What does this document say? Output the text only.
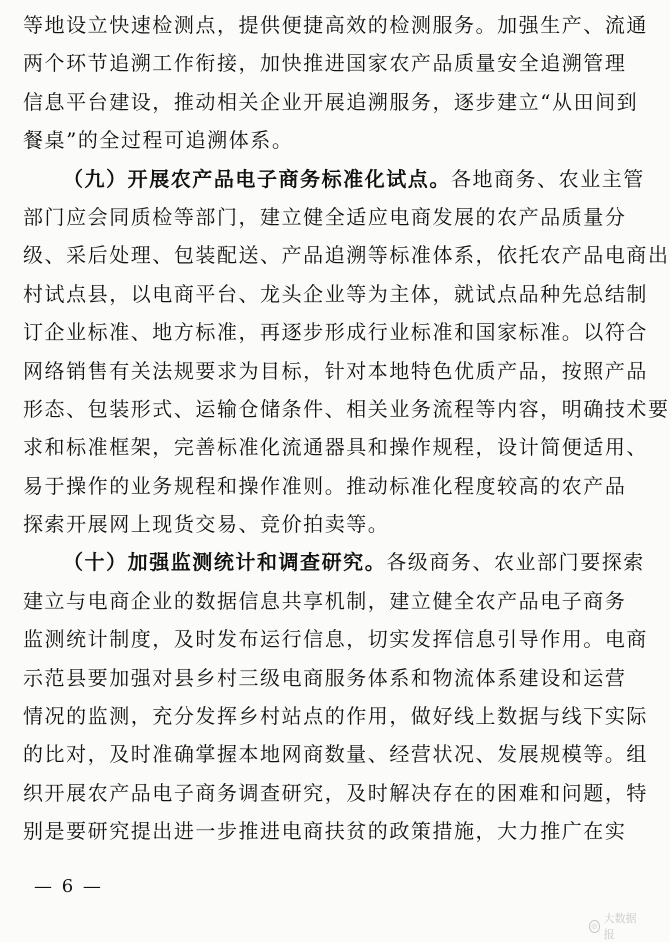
等地设立快速检测点，提供便捷高效的检测服务。加强生产、流通
两个环节追溯工作衔接，加快推进国家农产品质量安全追溯管理
信息平台建设，推动相关企业开展追溯服务，逐步建立“从田间到
餐桌”的全过程可追溯体系。
（九）开展农产品电子商务标准化试点。各地商务、农业主管
部门应会同质检等部门，建立健全适应电商发展的农产品质量分
级、采后处理、包装配送、产品追溯等标准体系，依托农产品电商出
村试点县，以电商平台、龙头企业等为主体，就试点品种先总结制
订企业标准、地方标准，再逐步形成行业标准和国家标准。以符合
网络销售有关法规要求为目标，针对本地特色优质产品，按照产品
形态、包装形式、运输仓储条件、相关业务流程等内容，明确技术要
求和标准框架，完善标准化流通器具和操作规程，设计简便适用、
易于操作的业务规程和操作准则。推动标准化程度较高的农产品
探索开展网上现货交易、竞价拍卖等。
（十）加强监测统计和调查研究。各级商务、农业部门要探索
建立与电商企业的数据信息共享机制，建立健全农产品电子商务
监测统计制度，及时发布运行信息，切实发挥信息引导作用。电商
示范县要加强对县乡村三级电商服务体系和物流体系建设和运营
情况的监测，充分发挥乡村站点的作用，做好线上数据与线下实际
的比对，及时准确掌握本地网商数量、经营状况、发展规模等。组
织开展农产品电子商务调查研究，及时解决存在的困难和问题，特
别是要研究提出进一步推进电商扶贫的政策措施，大力推广在实
— 6 —
◎
大数据报
